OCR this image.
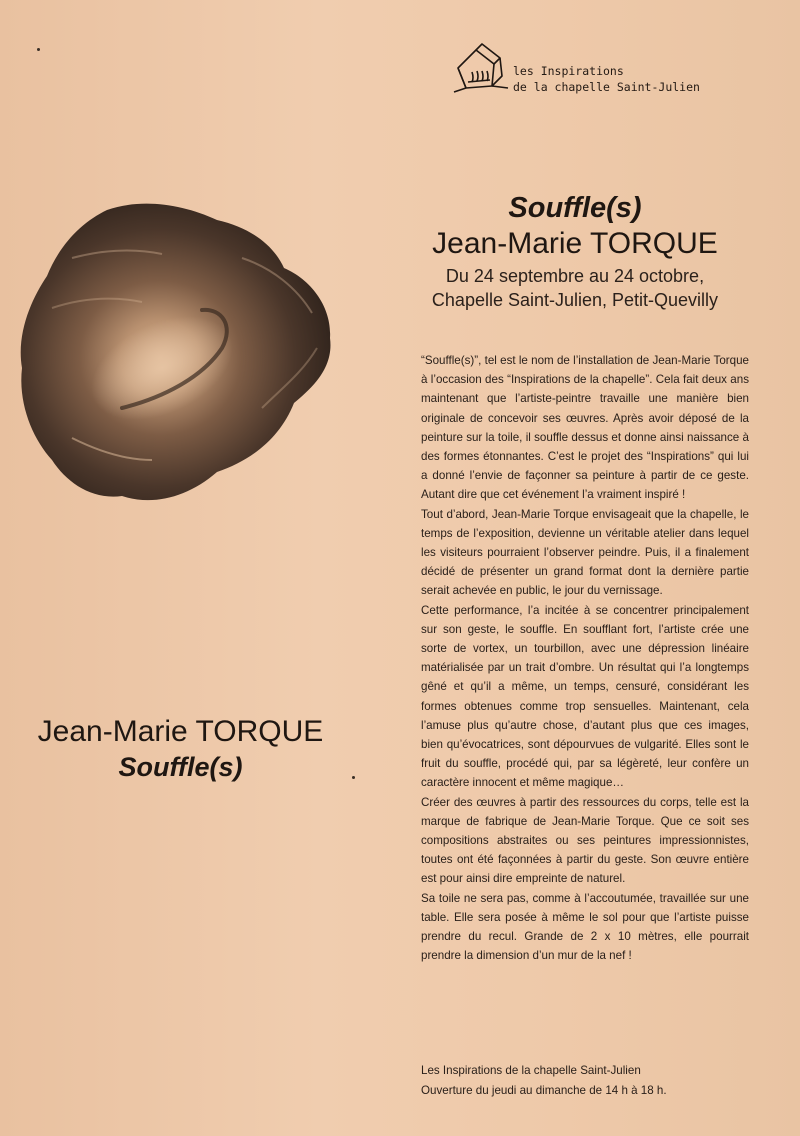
les Inspirations
de la chapelle Saint-Julien
Souffle(s)
Jean-Marie TORQUE
Du 24 septembre au 24 octobre,
Chapelle Saint-Julien, Petit-Quevilly
Jean-Marie TORQUE
Souffle(s)

“Souffle(s)”, tel est le nom de l’installation de Jean-Marie Torque à l’occasion des “Inspirations de la chapelle”. Cela fait deux ans maintenant que l’artiste-peintre travaille une manière bien originale de concevoir ses œuvres. Après avoir déposé de la peinture sur la toile, il souffle dessus et donne ainsi naissance à des formes étonnantes. C’est le projet des “Inspirations” qui lui a donné l’envie de façonner sa peinture à partir de ce geste. Autant dire que cet événement l’a vraiment inspiré !

Tout d’abord, Jean-Marie Torque envisageait que la chapelle, le temps de l’exposition, devienne un véritable atelier dans lequel les visiteurs pourraient l’observer peindre. Puis, il a finalement décidé de présenter un grand format dont la dernière partie serait achevée en public, le jour du vernissage.

Cette performance, l’a incitée à se concentrer principalement sur son geste, le souffle. En soufflant fort, l’artiste crée une sorte de vortex, un tourbillon, avec une dépression linéaire matérialisée par un trait d’ombre. Un résultat qui l’a longtemps gêné et qu’il a même, un temps, censuré, considérant les formes obtenues comme trop sensuelles. Maintenant, cela l’amuse plus qu’autre chose, d’autant plus que ces images, bien qu’évocatrices, sont dépourvues de vulgarité. Elles sont le fruit du souffle, procédé qui, par sa légèreté, leur confère un caractère innocent et même magique…

Créer des œuvres à partir des ressources du corps, telle est la marque de fabrique de Jean-Marie Torque. Que ce soit ses compositions abstraites ou ses peintures impressionnistes, toutes ont été façonnées à partir du geste. Son œuvre entière est pour ainsi dire empreinte de naturel.

Sa toile ne sera pas, comme à l’accoutumée, travaillée sur une table. Elle sera posée à même le sol pour que l’artiste puisse prendre du recul. Grande de 2 x 10 mètres, elle pourrait prendre la dimension d’un mur de la nef !

Les Inspirations de la chapelle Saint-Julien
Ouverture du jeudi au dimanche de 14 h à 18 h.
